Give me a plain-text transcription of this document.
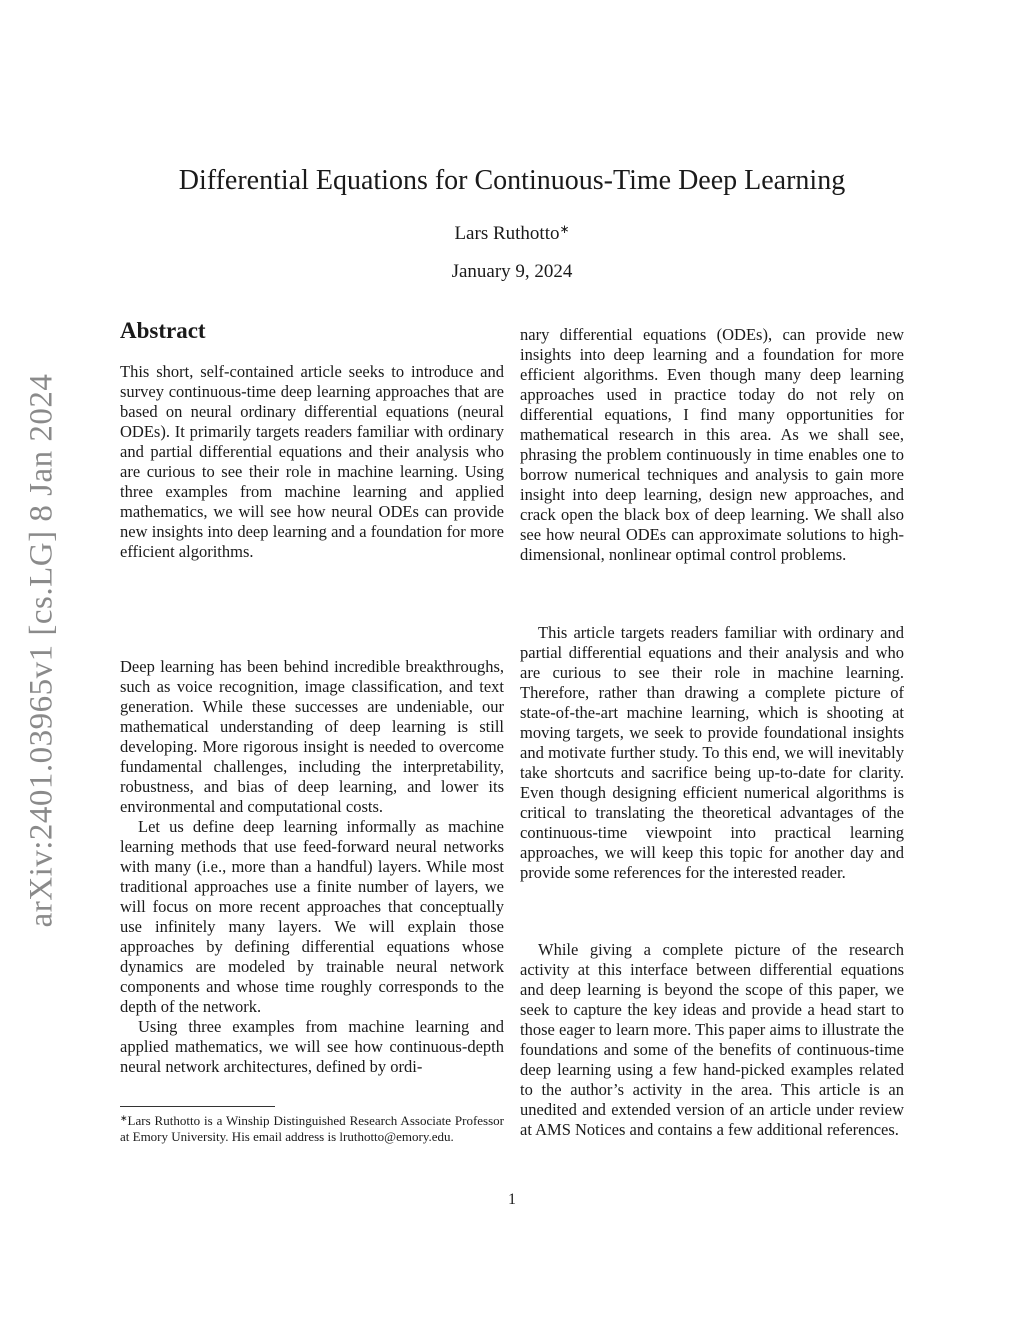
arXiv:2401.03965v1 [cs.LG] 8 Jan 2024
Differential Equations for Continuous-Time Deep Learning
Lars Ruthotto∗
January 9, 2024
Abstract

This short, self-contained article seeks to introduce and survey continuous-time deep learning approaches that are based on neural ordinary differential equations (neural ODEs). It primarily targets readers familiar with ordinary and partial differential equations and their analysis who are curious to see their role in machine learning. Using three examples from machine learning and applied mathematics, we will see how neural ODEs can provide new insights into deep learning and a foundation for more efficient algorithms.

Deep learning has been behind incredible breakthroughs, such as voice recognition, image classification, and text generation. While these successes are undeniable, our mathematical understanding of deep learning is still developing. More rigorous insight is needed to overcome fundamental challenges, including the interpretability, robustness, and bias of deep learning, and lower its environmental and computational costs.

Let us define deep learning informally as machine learning methods that use feed-forward neural networks with many (i.e., more than a handful) layers. While most traditional approaches use a finite number of layers, we will focus on more recent approaches that conceptually use infinitely many layers. We will explain those approaches by defining differential equations whose dynamics are modeled by trainable neural network components and whose time roughly corresponds to the depth of the network.

Using three examples from machine learning and applied mathematics, we will see how continuous-depth neural network architectures, defined by ordi-

nary differential equations (ODEs), can provide new insights into deep learning and a foundation for more efficient algorithms. Even though many deep learning approaches used in practice today do not rely on differential equations, I find many opportunities for mathematical research in this area. As we shall see, phrasing the problem continuously in time enables one to borrow numerical techniques and analysis to gain more insight into deep learning, design new approaches, and crack open the black box of deep learning. We shall also see how neural ODEs can approximate solutions to high-dimensional, nonlinear optimal control problems.

This article targets readers familiar with ordinary and partial differential equations and their analysis and who are curious to see their role in machine learning. Therefore, rather than drawing a complete picture of state-of-the-art machine learning, which is shooting at moving targets, we seek to provide foundational insights and motivate further study. To this end, we will inevitably take shortcuts and sacrifice being up-to-date for clarity. Even though designing efficient numerical algorithms is critical to translating the theoretical advantages of the continuous-time viewpoint into practical learning approaches, we will keep this topic for another day and provide some references for the interested reader.

While giving a complete picture of the research activity at this interface between differential equations and deep learning is beyond the scope of this paper, we seek to capture the key ideas and provide a head start to those eager to learn more. This paper aims to illustrate the foundations and some of the benefits of continuous-time deep learning using a few hand-picked examples related to the author’s activity in the area. This article is an unedited and extended version of an article under review at AMS Notices and contains a few additional references.

∗Lars Ruthotto is a Winship Distinguished Research Associate Professor at Emory University. His email address is lruthotto@emory.edu.
1
